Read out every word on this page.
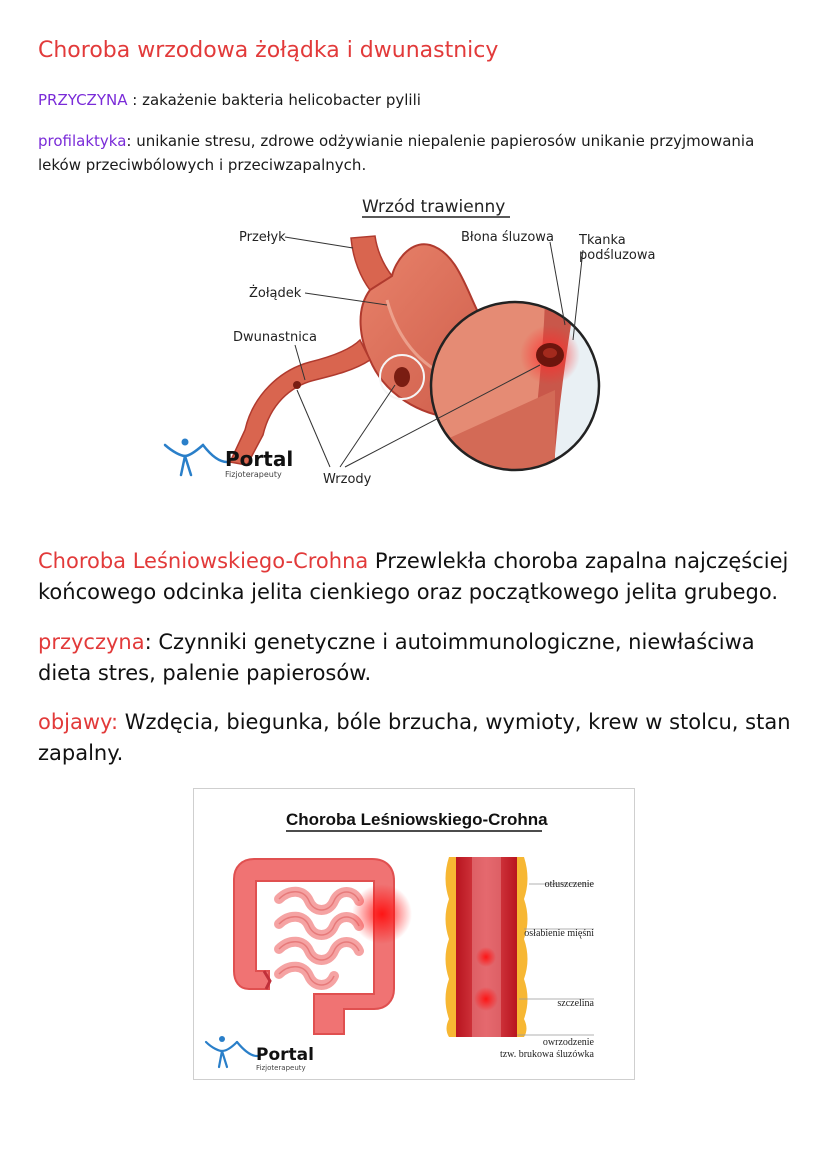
Choroba wrzodowa żołądka i dwunastnicy
PRZYCZYNA : zakażenie bakteria helicobacter pylili
profilaktyka: unikanie stresu, zdrowe odżywianie niepalenie papierosów unikanie przyjmowania leków przeciwbólowych i przeciwzapalnych.
Wrzód trawienny
Przełyk
Żołądek
Dwunastnica
Wrzody
Błona śluzowa Tkanka
podśluzowa
Portal
Fizjoterapeuty
Choroba Leśniowskiego-Crohna Przewlekła choroba zapalna najczęściej końcowego odcinka jelita cienkiego oraz początkowego jelita grubego.
przyczyna: Czynniki genetyczne i autoimmunologiczne, niewłaściwa dieta stres, palenie papierosów.
objawy: Wzdęcia, biegunka, bóle brzucha, wymioty, krew w stolcu, stan zapalny.
Choroba Leśniowskiego-Crohna
otłuszczenie
osłabienie mięśni
szczelina
owrzodzenie
tzw. brukowa śluzówka
Portal
Fizjoterapeuty
